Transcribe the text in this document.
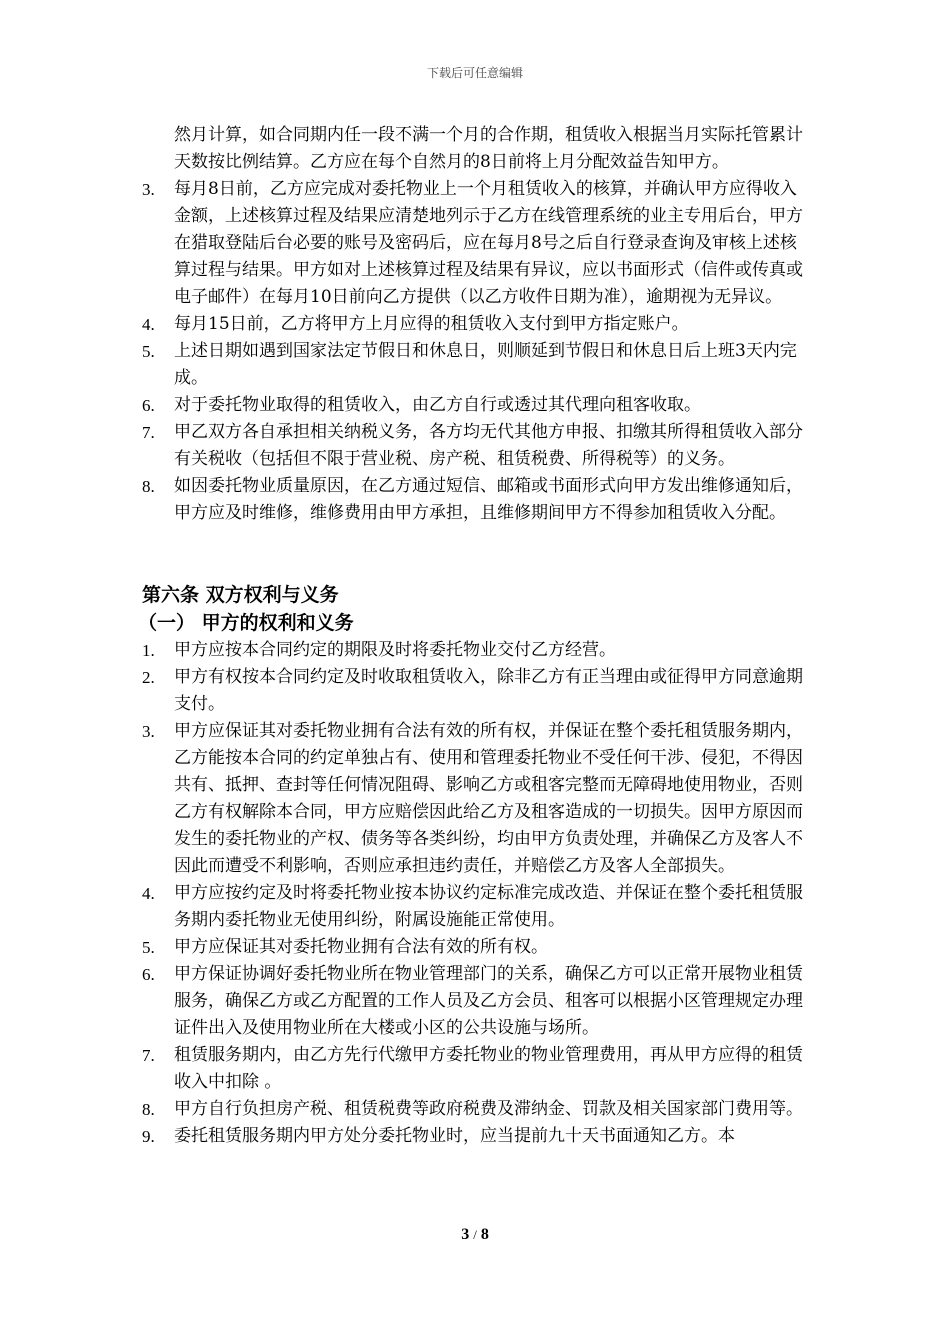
下载后可任意编辑
然月计算，如合同期内任一段不满一个月的合作期，租赁收入根据当月实际托管累计天数按比例结算。乙方应在每个自然月的8日前将上月分配效益告知甲方。
3. 每月8日前，乙方应完成对委托物业上一个月租赁收入的核算，并确认甲方应得收入金额，上述核算过程及结果应清楚地列示于乙方在线管理系统的业主专用后台，甲方在猎取登陆后台必要的账号及密码后，应在每月8号之后自行登录查询及审核上述核算过程与结果。甲方如对上述核算过程及结果有异议，应以书面形式（信件或传真或电子邮件）在每月10日前向乙方提供（以乙方收件日期为准），逾期视为无异议。
4. 每月15日前，乙方将甲方上月应得的租赁收入支付到甲方指定账户。
5. 上述日期如遇到国家法定节假日和休息日，则顺延到节假日和休息日后上班3天内完成。
6. 对于委托物业取得的租赁收入，由乙方自行或透过其代理向租客收取。
7. 甲乙双方各自承担相关纳税义务，各方均无代其他方申报、扣缴其所得租赁收入部分有关税收（包括但不限于营业税、房产税、租赁税费、所得税等）的义务。
8. 如因委托物业质量原因，在乙方通过短信、邮箱或书面形式向甲方发出维修通知后，甲方应及时维修，维修费用由甲方承担，且维修期间甲方不得参加租赁收入分配。
第六条 双方权利与义务
（一） 甲方的权利和义务
1. 甲方应按本合同约定的期限及时将委托物业交付乙方经营。
2. 甲方有权按本合同约定及时收取租赁收入，除非乙方有正当理由或征得甲方同意逾期支付。
3. 甲方应保证其对委托物业拥有合法有效的所有权，并保证在整个委托租赁服务期内，乙方能按本合同的约定单独占有、使用和管理委托物业不受任何干涉、侵犯，不得因共有、抵押、查封等任何情况阻碍、影响乙方或租客完整而无障碍地使用物业，否则乙方有权解除本合同，甲方应赔偿因此给乙方及租客造成的一切损失。因甲方原因而发生的委托物业的产权、债务等各类纠纷，均由甲方负责处理，并确保乙方及客人不因此而遭受不利影响，否则应承担违约责任，并赔偿乙方及客人全部损失。
4. 甲方应按约定及时将委托物业按本协议约定标准完成改造、并保证在整个委托租赁服务期内委托物业无使用纠纷，附属设施能正常使用。
5. 甲方应保证其对委托物业拥有合法有效的所有权。
6. 甲方保证协调好委托物业所在物业管理部门的关系，确保乙方可以正常开展物业租赁服务，确保乙方或乙方配置的工作人员及乙方会员、租客可以根据小区管理规定办理证件出入及使用物业所在大楼或小区的公共设施与场所。
7. 租赁服务期内，由乙方先行代缴甲方委托物业的物业管理费用，再从甲方应得的租赁收入中扣除 。
8. 甲方自行负担房产税、租赁税费等政府税费及滞纳金、罚款及相关国家部门费用等。
9. 委托租赁服务期内甲方处分委托物业时，应当提前九十天书面通知乙方。本
3 / 8
